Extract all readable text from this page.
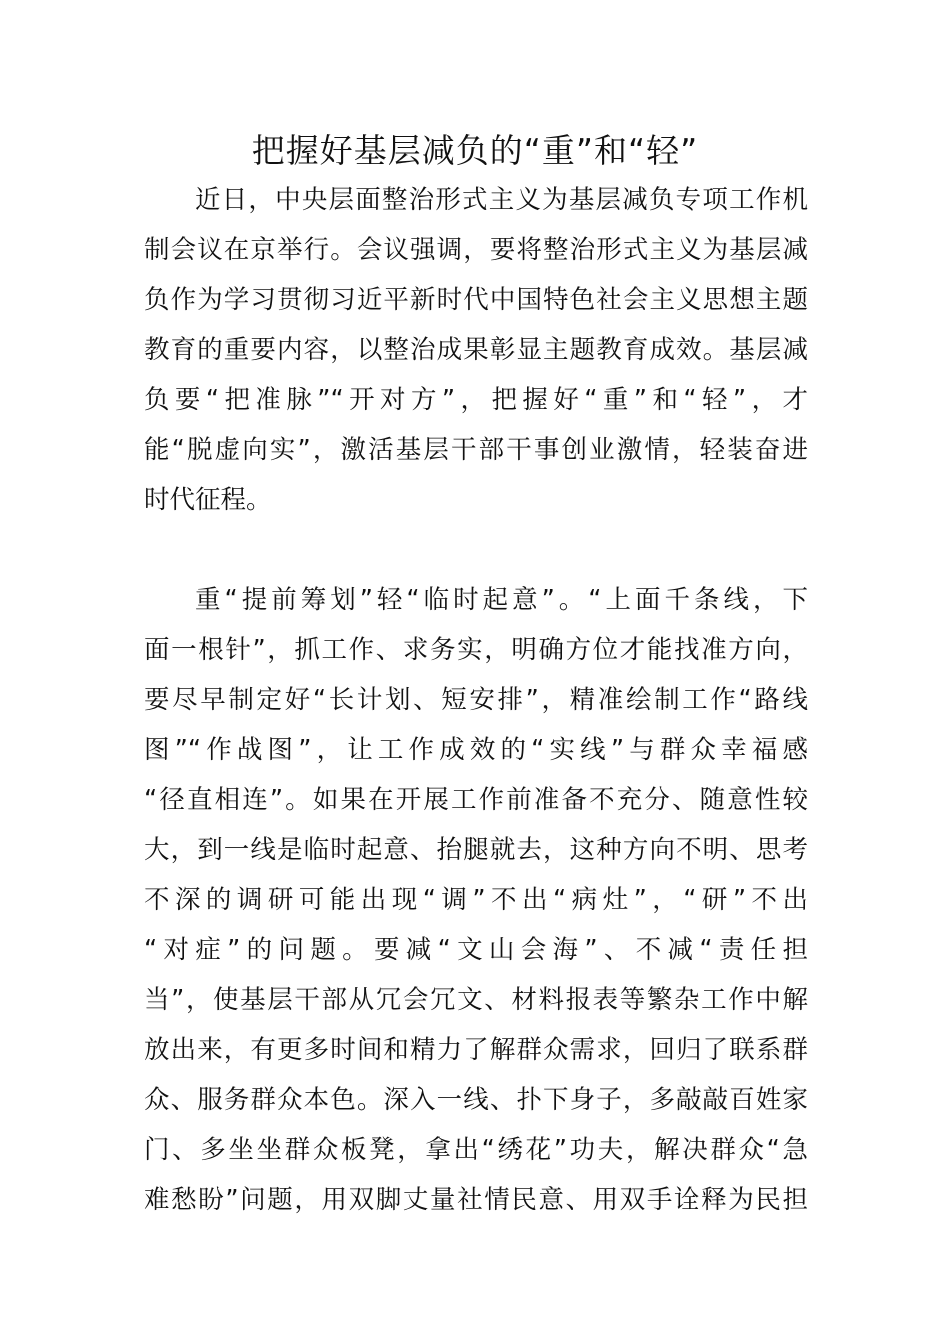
把握好基层减负的“重”和“轻”

近日，中央层面整治形式主义为基层减负专项工作机

制会议在京举行。会议强调，要将整治形式主义为基层减

负作为学习贯彻习近平新时代中国特色社会主义思想主题

教育的重要内容，以整治成果彰显主题教育成效。基层减

负要“把准脉”“开对方”，把握好“重”和“轻”，才

能“脱虚向实”，激活基层干部干事创业激情，轻装奋进

时代征程。

重“提前筹划”轻“临时起意”。“上面千条线，下

面一根针”，抓工作、求务实，明确方位才能找准方向，

要尽早制定好“长计划、短安排”，精准绘制工作“路线

图”“作战图”，让工作成效的“实线”与群众幸福感

“径直相连”。如果在开展工作前准备不充分、随意性较

大，到一线是临时起意、抬腿就去，这种方向不明、思考

不深的调研可能出现“调”不出“病灶”，“研”不出

“对症”的问题。要减“文山会海”、不减“责任担

当”，使基层干部从冗会冗文、材料报表等繁杂工作中解

放出来，有更多时间和精力了解群众需求，回归了联系群

众、服务群众本色。深入一线、扑下身子，多敲敲百姓家

门、多坐坐群众板凳，拿出“绣花”功夫，解决群众“急

难愁盼”问题，用双脚丈量社情民意、用双手诠释为民担
